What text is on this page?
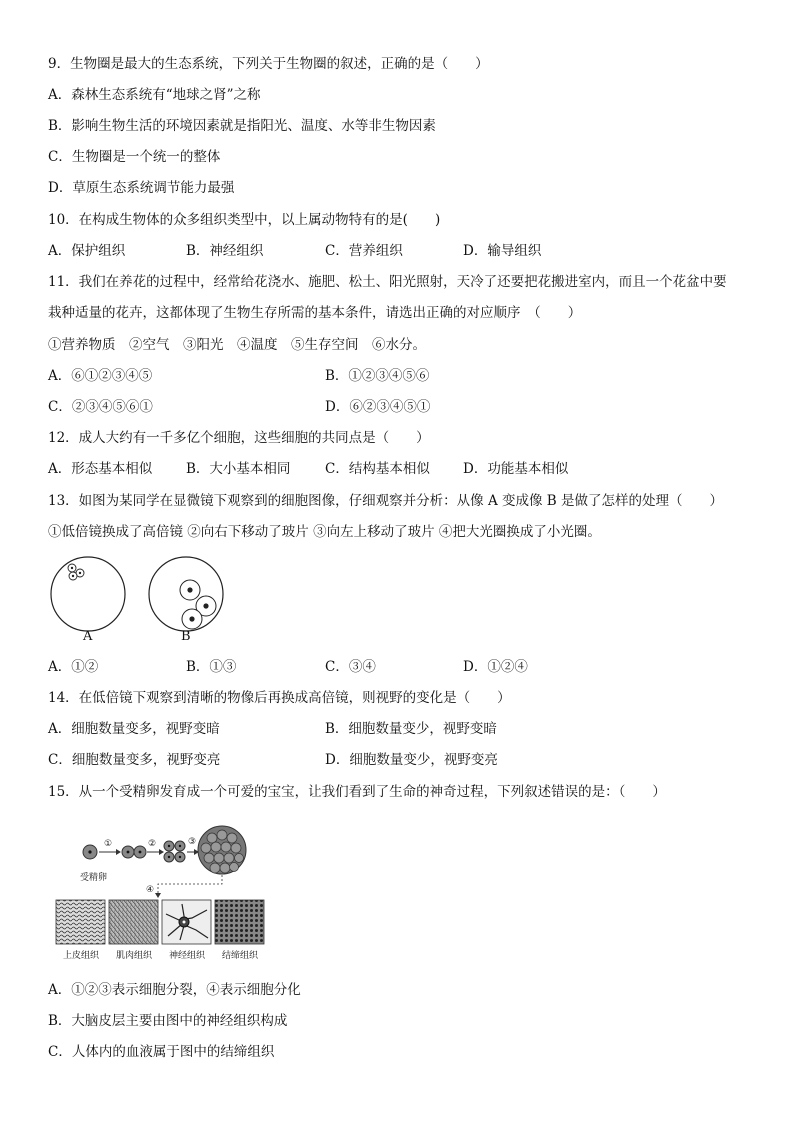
9．生物圈是最大的生态系统，下列关于生物圈的叙述，正确的是（　　）
A．森林生态系统有“地球之肾”之称
B．影响生物生活的环境因素就是指阳光、温度、水等非生物因素
C．生物圈是一个统一的整体
D．草原生态系统调节能力最强
10．在构成生物体的众多组织类型中，以上属动物特有的是(　　)
A．保护组织	B．神经组织	C．营养组织	D．输导组织
11．我们在养花的过程中，经常给花浇水、施肥、松土、阳光照射，天冷了还要把花搬进室内，而且一个花盆中要
栽种适量的花卉，这都体现了生物生存所需的基本条件，请选出正确的对应顺序　（　　）
①营养物质　②空气　③阳光　④温度　⑤生存空间　⑥水分。
A．⑥①②③④⑤	B．①②③④⑤⑥
C．②③④⑤⑥①	D．⑥②③④⑤①
12．成人大约有一千多亿个细胞，这些细胞的共同点是（　　）
A．形态基本相似	B．大小基本相同	C．结构基本相似 D．功能基本相似
13．如图为某同学在显微镜下观察到的细胞图像，仔细观察并分析：从像 A 变成像 B 是做了怎样的处理（　　）
①低倍镜换成了高倍镜 ②向右下移动了玻片 ③向左上移动了玻片 ④把大光圈换成了小光圈。
A	B
A．①②	B．①③	C．③④	D．①②④
14．在低倍镜下观察到清晰的物像后再换成高倍镜，则视野的变化是（　　）
A．细胞数量变多，视野变暗	B．细胞数量变少，视野变暗
C．细胞数量变多，视野变亮	D．细胞数量变少，视野变亮
15．从一个受精卵发育成一个可爱的宝宝，让我们看到了生命的神奇过程，下列叙述错误的是：（　　）
①	②	③
④
受精卵
上皮组织 肌肉组织 神经组织 结缔组织
A．①②③表示细胞分裂，④表示细胞分化
B．大脑皮层主要由图中的神经组织构成
C．人体内的血液属于图中的结缔组织
